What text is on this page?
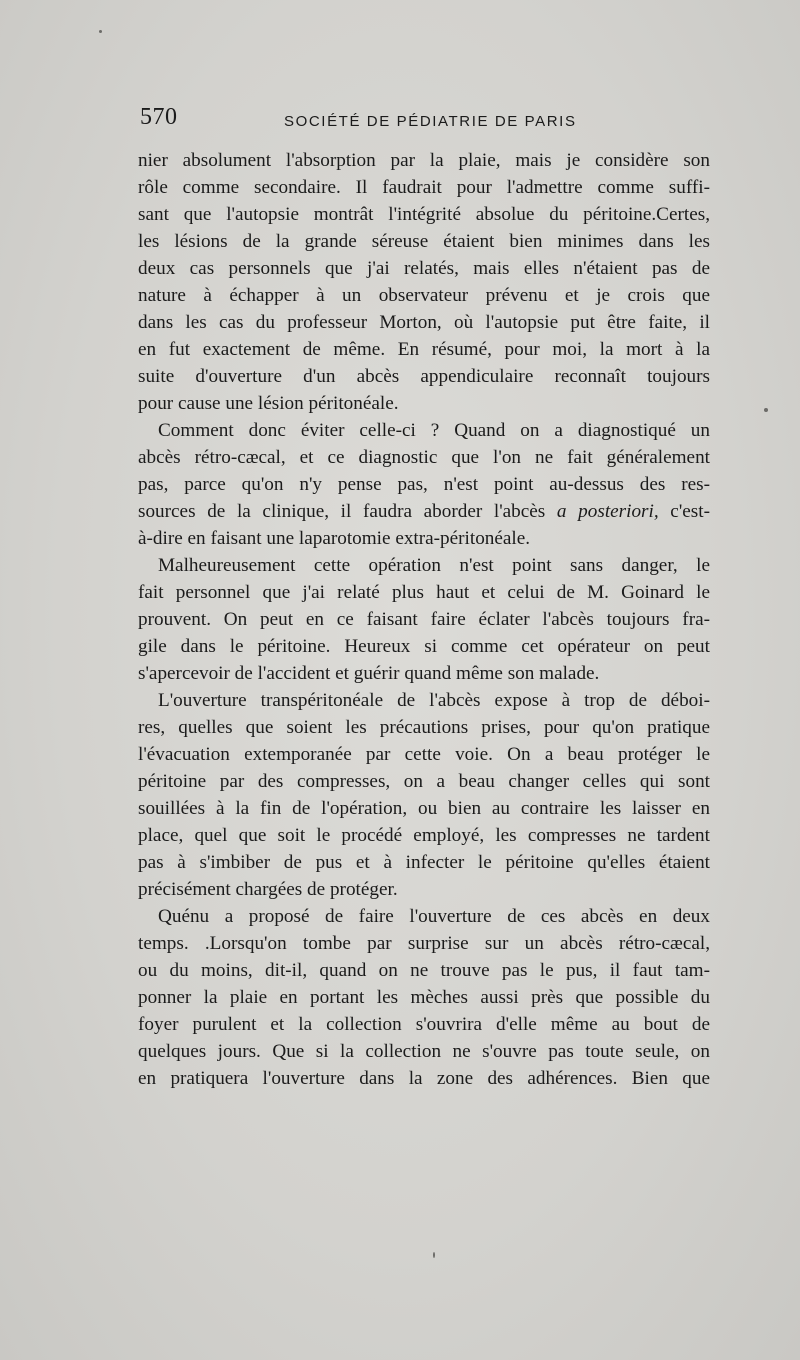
570	SOCIÉTÉ DE PÉDIATRIE DE PARIS
nier absolument l'absorption par la plaie, mais je considère son
rôle comme secondaire. Il faudrait pour l'admettre comme suffi-
sant que l'autopsie montrât l'intégrité absolue du péritoine.Certes,
les lésions de la grande séreuse étaient bien minimes dans les
deux cas personnels que j'ai relatés, mais elles n'étaient pas de
nature à échapper à un observateur prévenu et je crois que
dans les cas du professeur Morton, où l'autopsie put être faite, il
en fut exactement de même. En résumé, pour moi, la mort à la
suite d'ouverture d'un abcès appendiculaire reconnaît toujours
pour cause une lésion péritonéale.
Comment donc éviter celle-ci ? Quand on a diagnostiqué un
abcès rétro-cæcal, et ce diagnostic que l'on ne fait généralement
pas, parce qu'on n'y pense pas, n'est point au-dessus des res-
sources de la clinique, il faudra aborder l'abcès a posteriori, c'est-
à-dire en faisant une laparotomie extra-péritonéale.
Malheureusement cette opération n'est point sans danger, le
fait personnel que j'ai relaté plus haut et celui de M. Goinard le
prouvent. On peut en ce faisant faire éclater l'abcès toujours fra-
gile dans le péritoine. Heureux si comme cet opérateur on peut
s'apercevoir de l'accident et guérir quand même son malade.
L'ouverture transpéritonéale de l'abcès expose à trop de déboi-
res, quelles que soient les précautions prises, pour qu'on pratique
l'évacuation extemporanée par cette voie. On a beau protéger le
péritoine par des compresses, on a beau changer celles qui sont
souillées à la fin de l'opération, ou bien au contraire les laisser en
place, quel que soit le procédé employé, les compresses ne tardent
pas à s'imbiber de pus et à infecter le péritoine qu'elles étaient
précisément chargées de protéger.
Quénu a proposé de faire l'ouverture de ces abcès en deux
temps. .Lorsqu'on tombe par surprise sur un abcès rétro-cæcal,
ou du moins, dit-il, quand on ne trouve pas le pus, il faut tam-
ponner la plaie en portant les mèches aussi près que possible du
foyer purulent et la collection s'ouvrira d'elle même au bout de
quelques jours. Que si la collection ne s'ouvre pas toute seule, on
en pratiquera l'ouverture dans la zone des adhérences. Bien que
